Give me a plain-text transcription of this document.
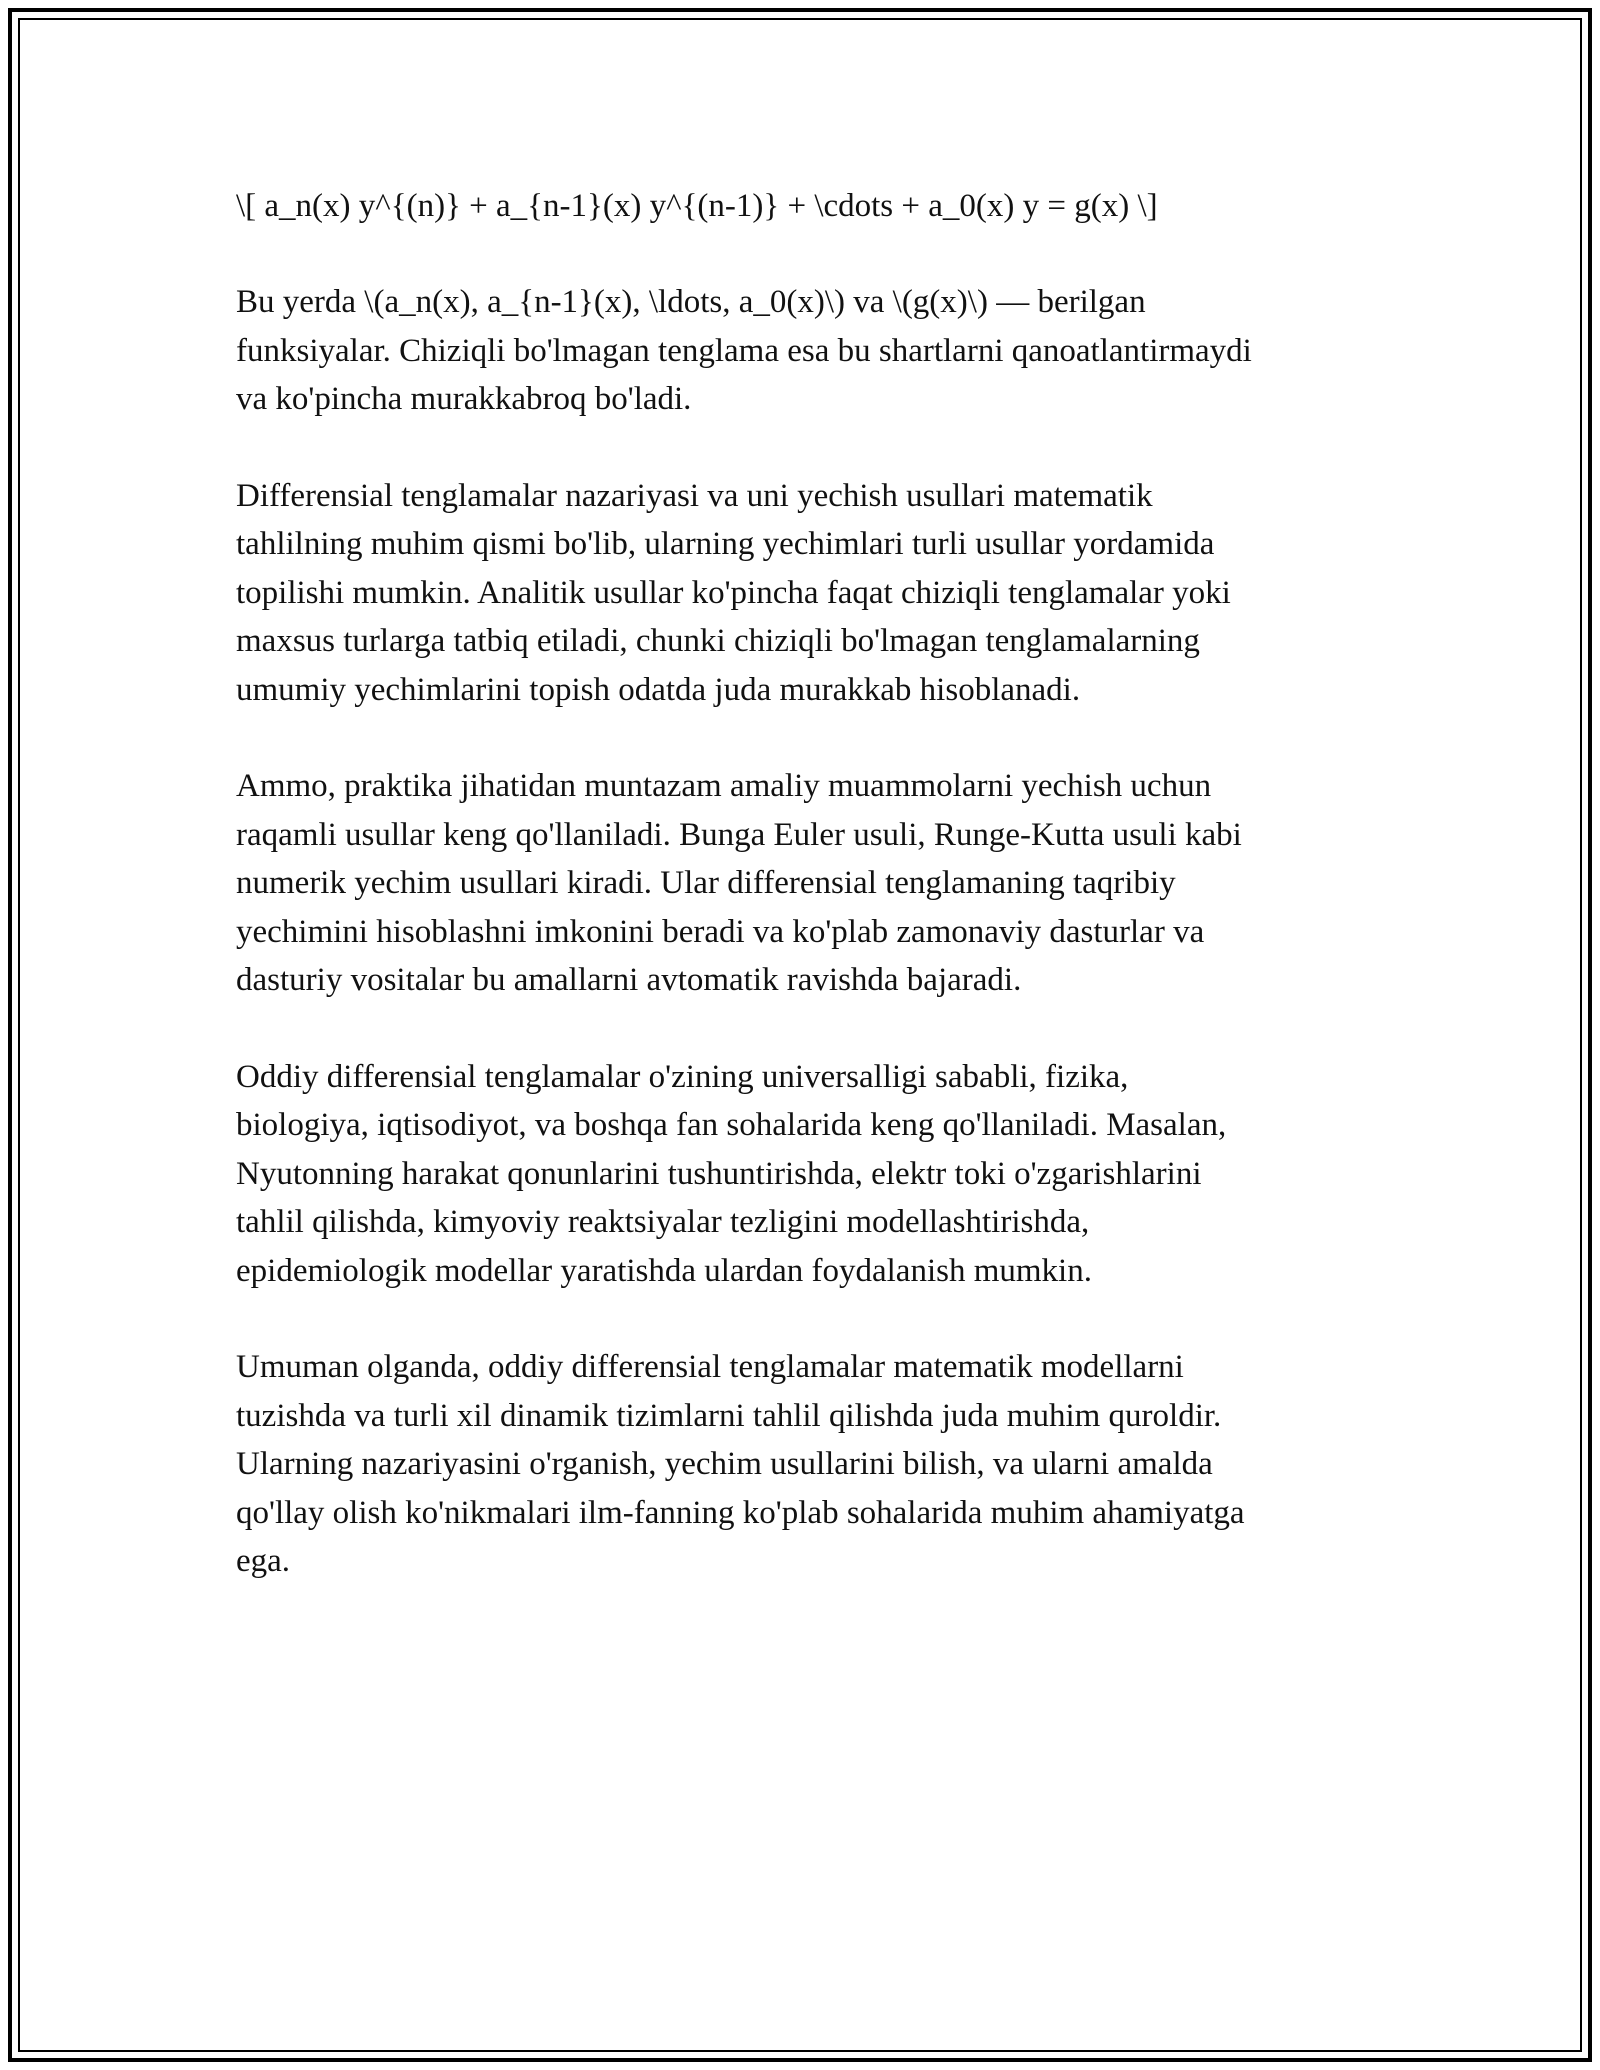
\[ a_n(x) y^{(n)} + a_{n-1}(x) y^{(n-1)} + \cdots + a_0(x) y = g(x) \]
Bu yerda \(a_n(x), a_{n-1}(x), \ldots, a_0(x)\) va \(g(x)\) — berilgan
funksiyalar. Chiziqli bo'lmagan tenglama esa bu shartlarni qanoatlantirmaydi
va ko'pincha murakkabroq bo'ladi.
Differensial tenglamalar nazariyasi va uni yechish usullari matematik
tahlilning muhim qismi bo'lib, ularning yechimlari turli usullar yordamida
topilishi mumkin. Analitik usullar ko'pincha faqat chiziqli tenglamalar yoki
maxsus turlarga tatbiq etiladi, chunki chiziqli bo'lmagan tenglamalarning
umumiy yechimlarini topish odatda juda murakkab hisoblanadi.
Ammo, praktika jihatidan muntazam amaliy muammolarni yechish uchun
raqamli usullar keng qo'llaniladi. Bunga Euler usuli, Runge-Kutta usuli kabi
numerik yechim usullari kiradi. Ular differensial tenglamaning taqribiy
yechimini hisoblashni imkonini beradi va ko'plab zamonaviy dasturlar va
dasturiy vositalar bu amallarni avtomatik ravishda bajaradi.
Oddiy differensial tenglamalar o'zining universalligi sababli, fizika,
biologiya, iqtisodiyot, va boshqa fan sohalarida keng qo'llaniladi. Masalan,
Nyutonning harakat qonunlarini tushuntirishda, elektr toki o'zgarishlarini
tahlil qilishda, kimyoviy reaktsiyalar tezligini modellashtirishda,
epidemiologik modellar yaratishda ulardan foydalanish mumkin.
Umuman olganda, oddiy differensial tenglamalar matematik modellarni
tuzishda va turli xil dinamik tizimlarni tahlil qilishda juda muhim quroldir.
Ularning nazariyasini o'rganish, yechim usullarini bilish, va ularni amalda
qo'llay olish ko'nikmalari ilm-fanning ko'plab sohalarida muhim ahamiyatga
ega.
